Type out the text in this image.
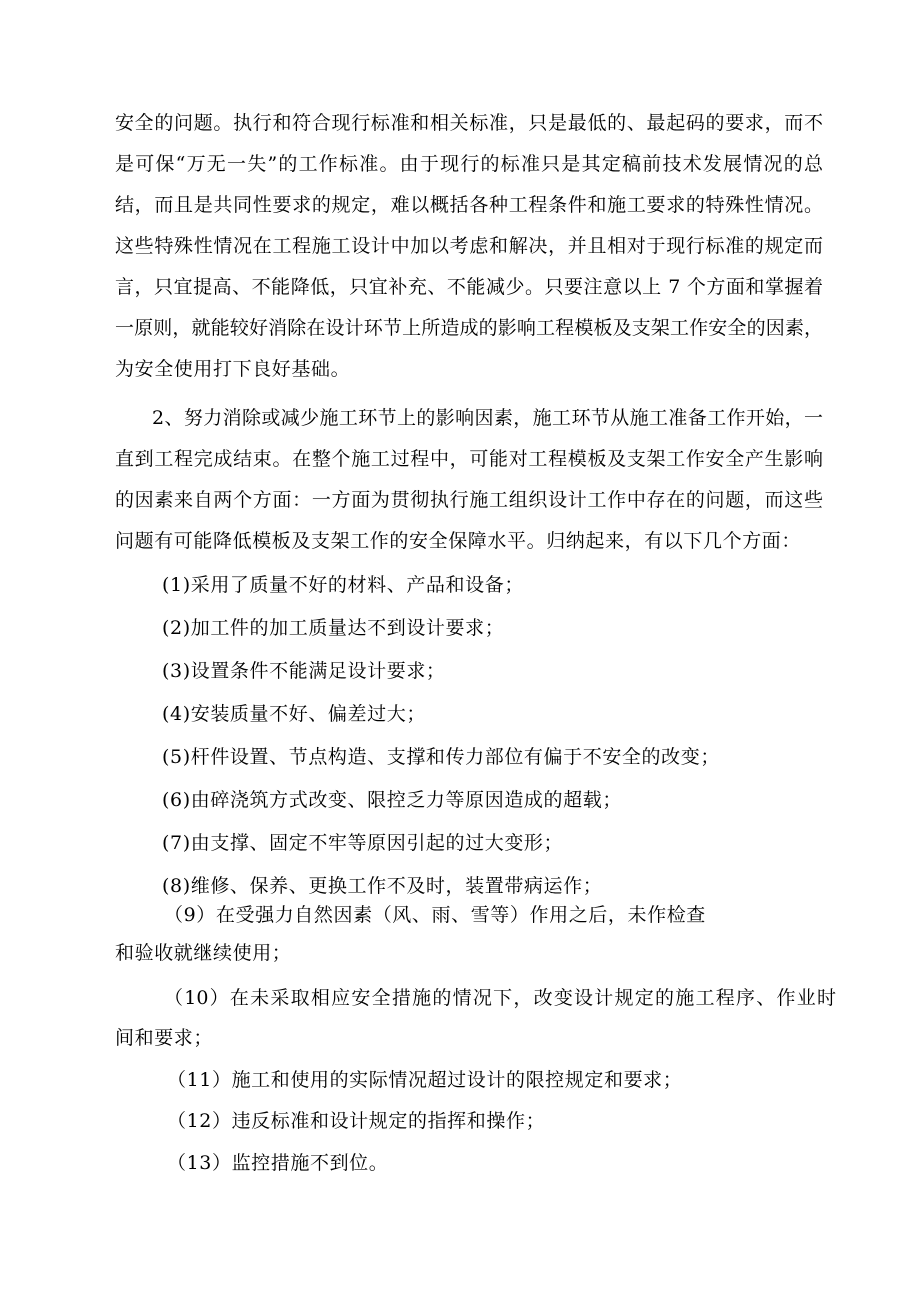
安全的问题。执行和符合现行标准和相关标准，只是最低的、最起码的要求，而不
是可保“万无一失”的工作标准。由于现行的标准只是其定稿前技术发展情况的总
结，而且是共同性要求的规定，难以概括各种工程条件和施工要求的特殊性情况。
这些特殊性情况在工程施工设计中加以考虑和解决，并且相对于现行标准的规定而
言，只宜提高、不能降低，只宜补充、不能减少。只要注意以上 7 个方面和掌握着
一原则，就能较好消除在设计环节上所造成的影响工程模板及支架工作安全的因素，
为安全使用打下良好基础。
2、努力消除或减少施工环节上的影响因素，施工环节从施工准备工作开始，一
直到工程完成结束。在整个施工过程中，可能对工程模板及支架工作安全产生影响
的因素来自两个方面：一方面为贯彻执行施工组织设计工作中存在的问题，而这些
问题有可能降低模板及支架工作的安全保障水平。归纳起来，有以下几个方面：
(1)采用了质量不好的材料、产品和设备；
(2)加工件的加工质量达不到设计要求；
(3)设置条件不能满足设计要求；
(4)安装质量不好、偏差过大；
(5)杆件设置、节点构造、支撑和传力部位有偏于不安全的改变；
(6)由碎浇筑方式改变、限控乏力等原因造成的超载；
(7)由支撑、固定不牢等原因引起的过大变形；
(8)维修、保养、更换工作不及时，装置带病运作；
（9）在受强力自然因素（风、雨、雪等）作用之后，未作检查
和验收就继续使用；
（10）在未采取相应安全措施的情况下，改变设计规定的施工程序、作业时
间和要求；
（11）施工和使用的实际情况超过设计的限控规定和要求；
（12）违反标准和设计规定的指挥和操作；
（13）监控措施不到位。
